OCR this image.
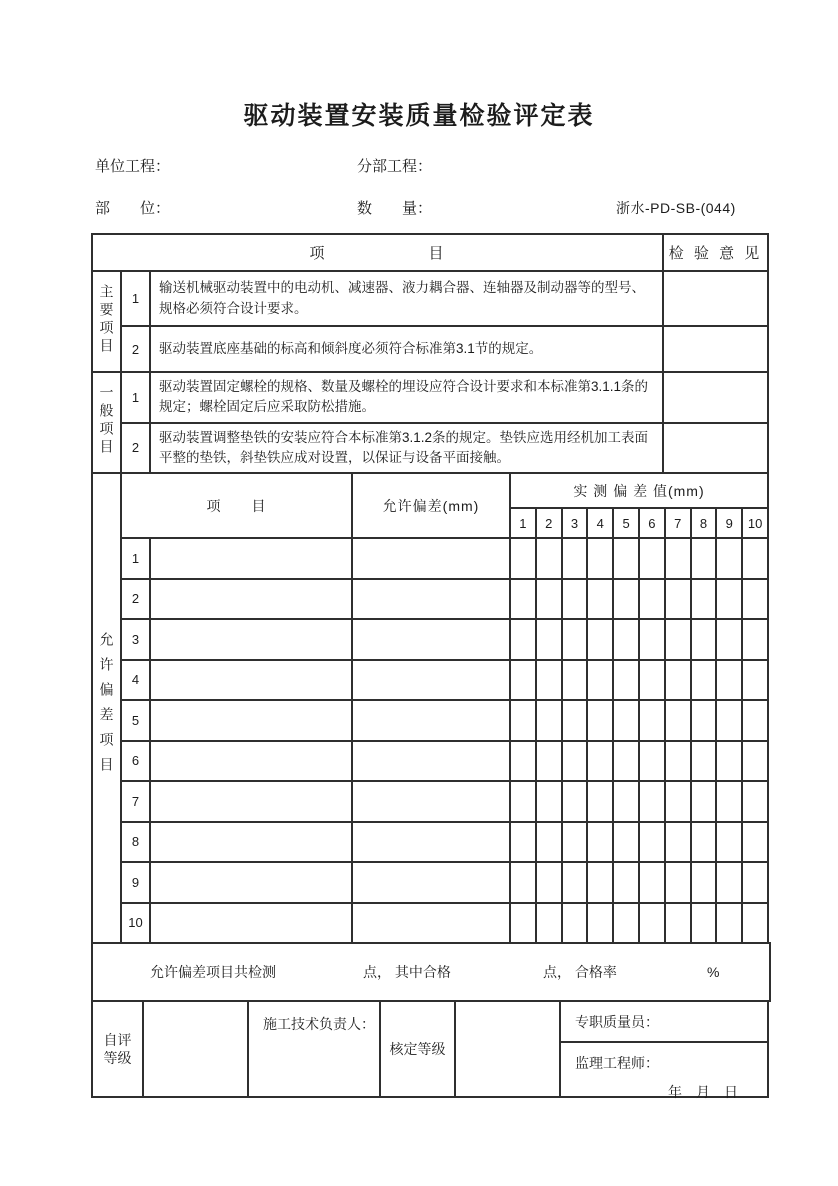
驱动装置安装质量检验评定表
单位工程：	分部工程：
部　　位：	数　　量：	浙水-PD-SB-(044)
项　　　　　　目			检 验 意 见
主要项目	1	输送机械驱动装置中的电动机、减速器、液力耦合器、连轴器及制动器等的型号、规格必须符合设计要求。	
	2	驱动装置底座基础的标高和倾斜度必须符合标准第3.1节的规定。	
一般项目	1	驱动装置固定螺栓的规格、数量及螺栓的埋设应符合设计要求和本标准第3.1.1条的规定；螺栓固定后应采取防松措施。	
	2	驱动装置调整垫铁的安装应符合本标准第3.1.2条的规定。垫铁应选用经机加工表面平整的垫铁，斜垫铁应成对设置，以保证与设备平面接触。	
允许偏差项目	项　　目		允许偏差(mm)	实 测 偏 差 值(mm)									
				1	2	3	4	5	6	7	8	9	10
	1												
	2												
	3												
	4												
	5												
	6												
	7												
	8												
	9												
	10												
允许偏差项目共检测	点， 其中合格	点， 合格率	%
自评等级		施工技术负责人：	核定等级		
专职质量员：
监理工程师：
年　月　日
